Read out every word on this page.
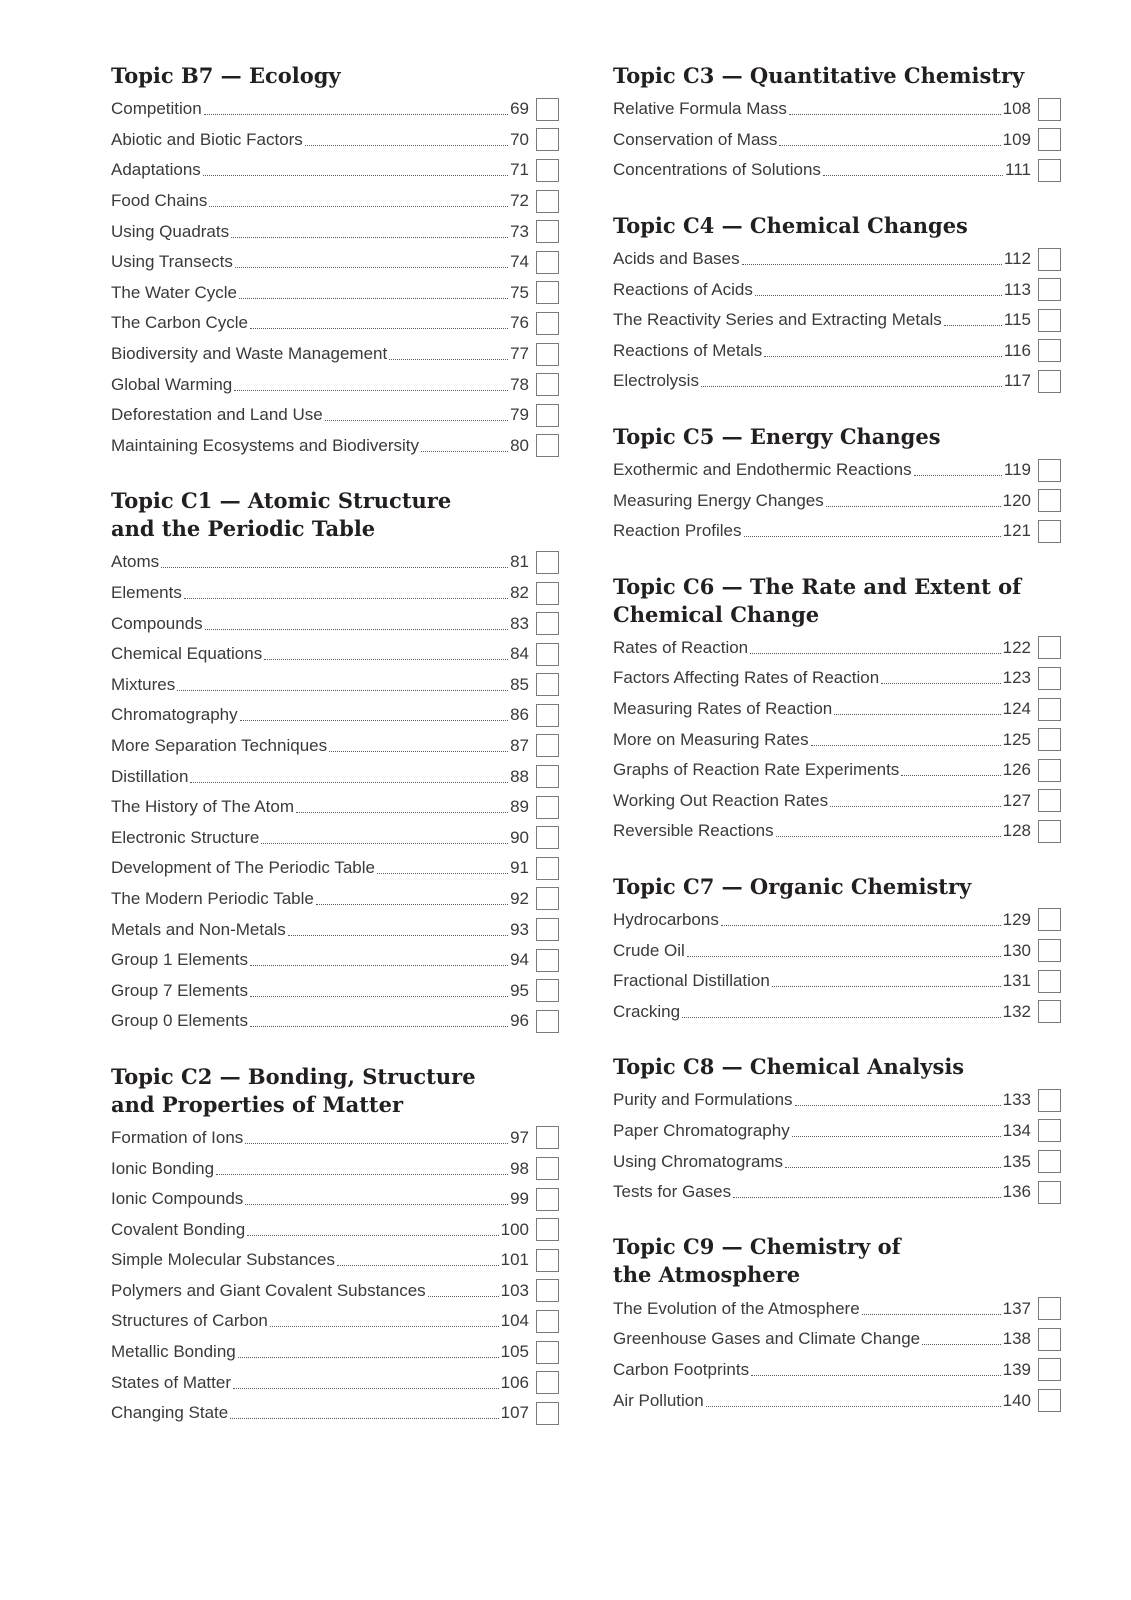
Topic B7 — Ecology
Competition	69
Abiotic and Biotic Factors	70
Adaptations	71
Food Chains	72
Using Quadrats	73
Using Transects	74
The Water Cycle	75
The Carbon Cycle	76
Biodiversity and Waste Management	77
Global Warming	78
Deforestation and Land Use	79
Maintaining Ecosystems and Biodiversity	80
Topic C1 — Atomic Structure
and the Periodic Table
Atoms	81
Elements	82
Compounds	83
Chemical Equations	84
Mixtures	85
Chromatography	86
More Separation Techniques	87
Distillation	88
The History of The Atom	89
Electronic Structure	90
Development of The Periodic Table	91
The Modern Periodic Table	92
Metals and Non-Metals	93
Group 1 Elements	94
Group 7 Elements	95
Group 0 Elements	96
Topic C2 — Bonding, Structure
and Properties of Matter
Formation of Ions	97
Ionic Bonding	98
Ionic Compounds	99
Covalent Bonding	100
Simple Molecular Substances	101
Polymers and Giant Covalent Substances	103
Structures of Carbon	104
Metallic Bonding	105
States of Matter	106
Changing State	107
Topic C3 — Quantitative Chemistry
Relative Formula Mass	108
Conservation of Mass	109
Concentrations of Solutions	111
Topic C4 — Chemical Changes
Acids and Bases	112
Reactions of Acids	113
The Reactivity Series and Extracting Metals	115
Reactions of Metals	116
Electrolysis	117
Topic C5 — Energy Changes
Exothermic and Endothermic Reactions	119
Measuring Energy Changes	120
Reaction Profiles	121
Topic C6 — The Rate and Extent of
Chemical Change
Rates of Reaction	122
Factors Affecting Rates of Reaction	123
Measuring Rates of Reaction	124
More on Measuring Rates	125
Graphs of Reaction Rate Experiments	126
Working Out Reaction Rates	127
Reversible Reactions	128
Topic C7 — Organic Chemistry
Hydrocarbons	129
Crude Oil	130
Fractional Distillation	131
Cracking	132
Topic C8 — Chemical Analysis
Purity and Formulations	133
Paper Chromatography	134
Using Chromatograms	135
Tests for Gases	136
Topic C9 — Chemistry of
the Atmosphere
The Evolution of the Atmosphere	137
Greenhouse Gases and Climate Change	138
Carbon Footprints	139
Air Pollution	140
